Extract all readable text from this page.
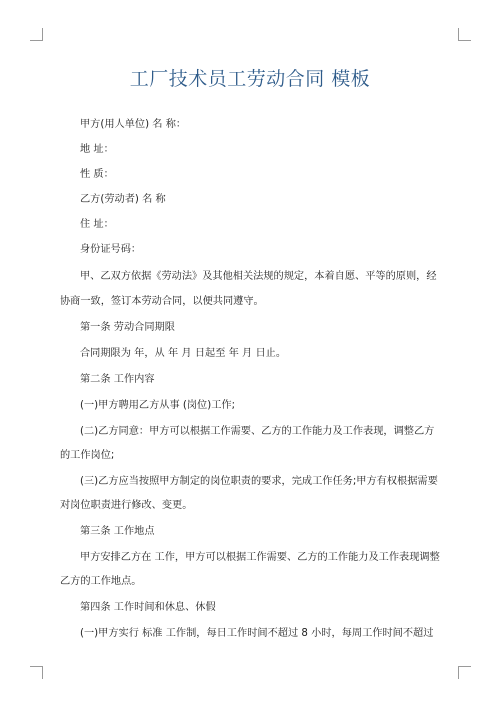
工厂技术员工劳动合同 模板
甲方(用人单位) 名 称：
地 址：
性 质：
乙方(劳动者) 名 称
住 址：
身份证号码：
甲、乙双方依据《劳动法》及其他相关法规的规定，本着自愿、平等的原则，经
协商一致，签订本劳动合同，以便共同遵守。
第一条 劳动合同期限
合同期限为 年，从 年 月 日起至 年 月 日止。
第二条 工作内容
(一)甲方聘用乙方从事 (岗位)工作;
(二)乙方同意：甲方可以根据工作需要、乙方的工作能力及工作表现，调整乙方
的工作岗位;
(三)乙方应当按照甲方制定的岗位职责的要求，完成工作任务;甲方有权根据需要
对岗位职责进行修改、变更。
第三条 工作地点
甲方安排乙方在 工作，甲方可以根据工作需要、乙方的工作能力及工作表现调整
乙方的工作地点。
第四条 工作时间和休息、休假
(一)甲方实行 标准 工作制，每日工作时间不超过 8 小时，每周工作时间不超过
